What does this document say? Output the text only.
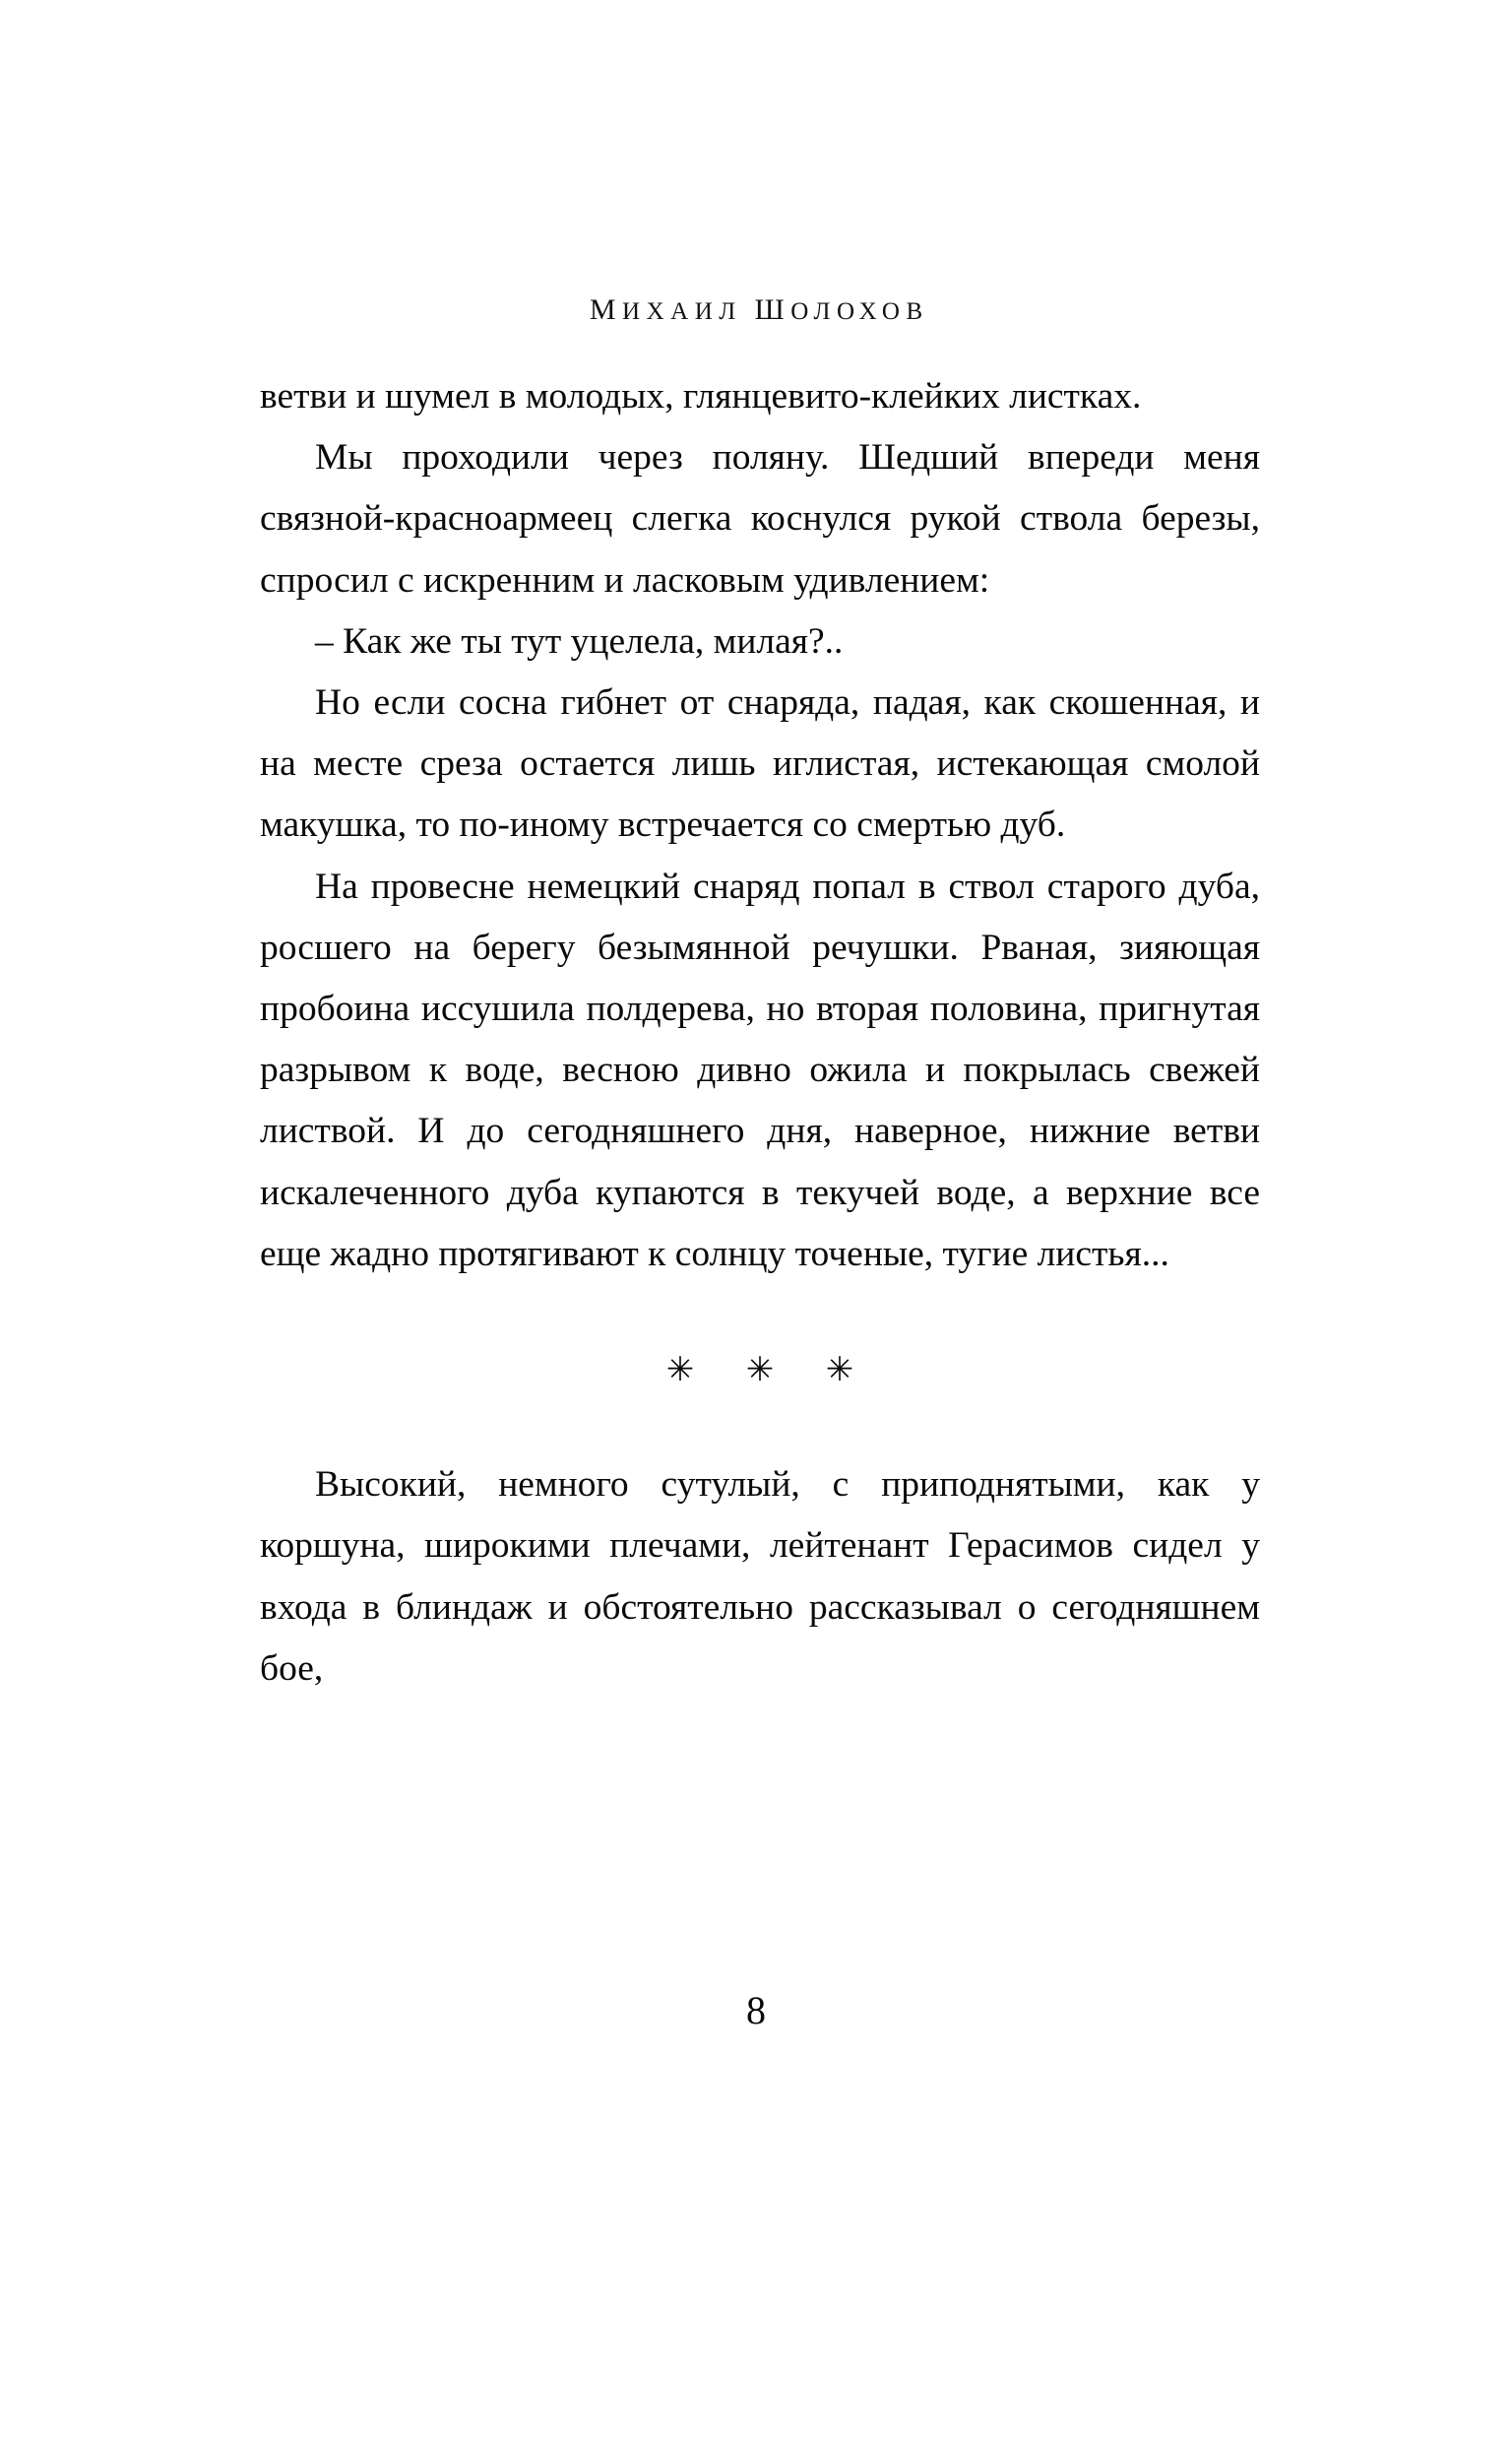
МИХАИЛ ШОЛОХОВ

ветви и шумел в молодых, глянцевито-клейких листках.

Мы проходили через поляну. Шедший впереди меня связной-красноармеец слегка коснулся рукой ствола березы, спросил с искренним и ласковым удивлением:

– Как же ты тут уцелела, милая?..

Но если сосна гибнет от снаряда, падая, как скошенная, и на месте среза остается лишь иглистая, истекающая смолой макушка, то по-иному встречается со смертью дуб.

На провесне немецкий снаряд попал в ствол старого дуба, росшего на берегу безымянной речушки. Рваная, зияющая пробоина иссушила полдерева, но вторая половина, пригнутая разрывом к воде, весною дивно ожила и покрылась свежей листвой. И до сегодняшнего дня, наверное, нижние ветви искалеченного дуба купаются в текучей воде, а верхние все еще жадно протягивают к солнцу точеные, тугие листья...

✳ ✳ ✳

Высокий, немного сутулый, с приподнятыми, как у коршуна, широкими плечами, лейтенант Герасимов сидел у входа в блиндаж и обстоятельно рассказывал о сегодняшнем бое,

8
